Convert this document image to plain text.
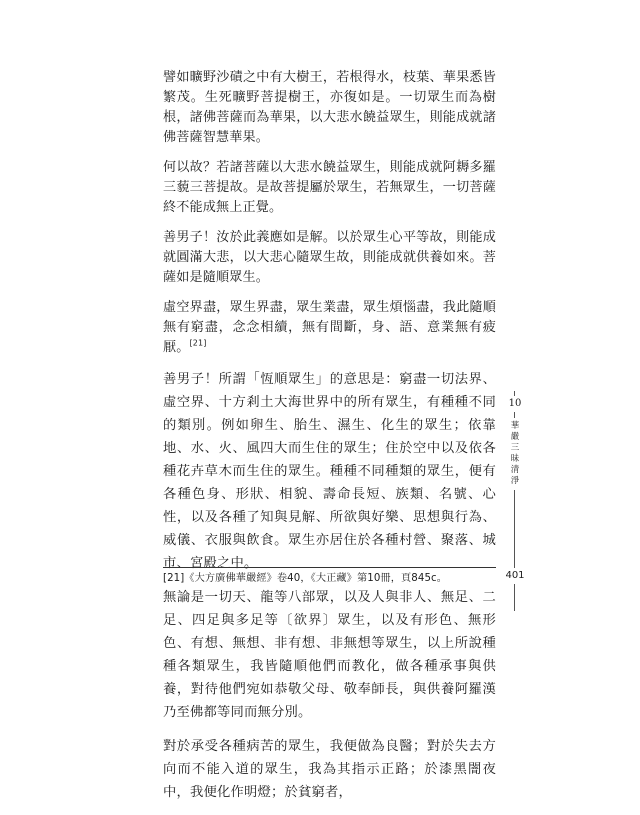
譬如曠野沙磧之中有大樹王，若根得水，枝葉、華果悉皆繁茂。生死曠野菩提樹王，亦復如是。一切眾生而為樹根，諸佛菩薩而為華果，以大悲水饒益眾生，則能成就諸佛菩薩智慧華果。

何以故？若諸菩薩以大悲水饒益眾生，則能成就阿耨多羅三藐三菩提故。是故菩提屬於眾生，若無眾生，一切菩薩終不能成無上正覺。

善男子！汝於此義應如是解。以於眾生心平等故，則能成就圓滿大悲，以大悲心隨眾生故，則能成就供養如來。菩薩如是隨順眾生。

虛空界盡，眾生界盡，眾生業盡，眾生煩惱盡，我此隨順無有窮盡，念念相續，無有間斷，身、語、意業無有疲厭。[21]

善男子！所謂「恆順眾生」的意思是：窮盡一切法界、虛空界、十方剎土大海世界中的所有眾生，有種種不同的類別。例如卵生、胎生、濕生、化生的眾生；依靠地、水、火、風四大而生住的眾生；住於空中以及依各種花卉草木而生住的眾生。種種不同種類的眾生，便有各種色身、形狀、相貌、壽命長短、族類、名號、心性，以及各種了知與見解、所欲與好樂、思想與行為、威儀、衣服與飲食。眾生亦居住於各種村營、聚落、城市、宮殿之中。

無論是一切天、龍等八部眾，以及人與非人、無足、二足、四足與多足等〔欲界〕眾生，以及有形色、無形色、有想、無想、非有想、非無想等眾生，以上所說種種各類眾生，我皆隨順他們而教化，做各種承事與供養，對待他們宛如恭敬父母、敬奉師長，與供養阿羅漢乃至佛都等同而無分別。

對於承受各種病苦的眾生，我便做為良醫；對於失去方向而不能入道的眾生，我為其指示正路；於漆黑闇夜中，我便化作明燈；於貧窮者，

[21]《大方廣佛華嚴經》卷40，《大正藏》第10冊，頁845c。
10
華嚴三昧清淨
401
